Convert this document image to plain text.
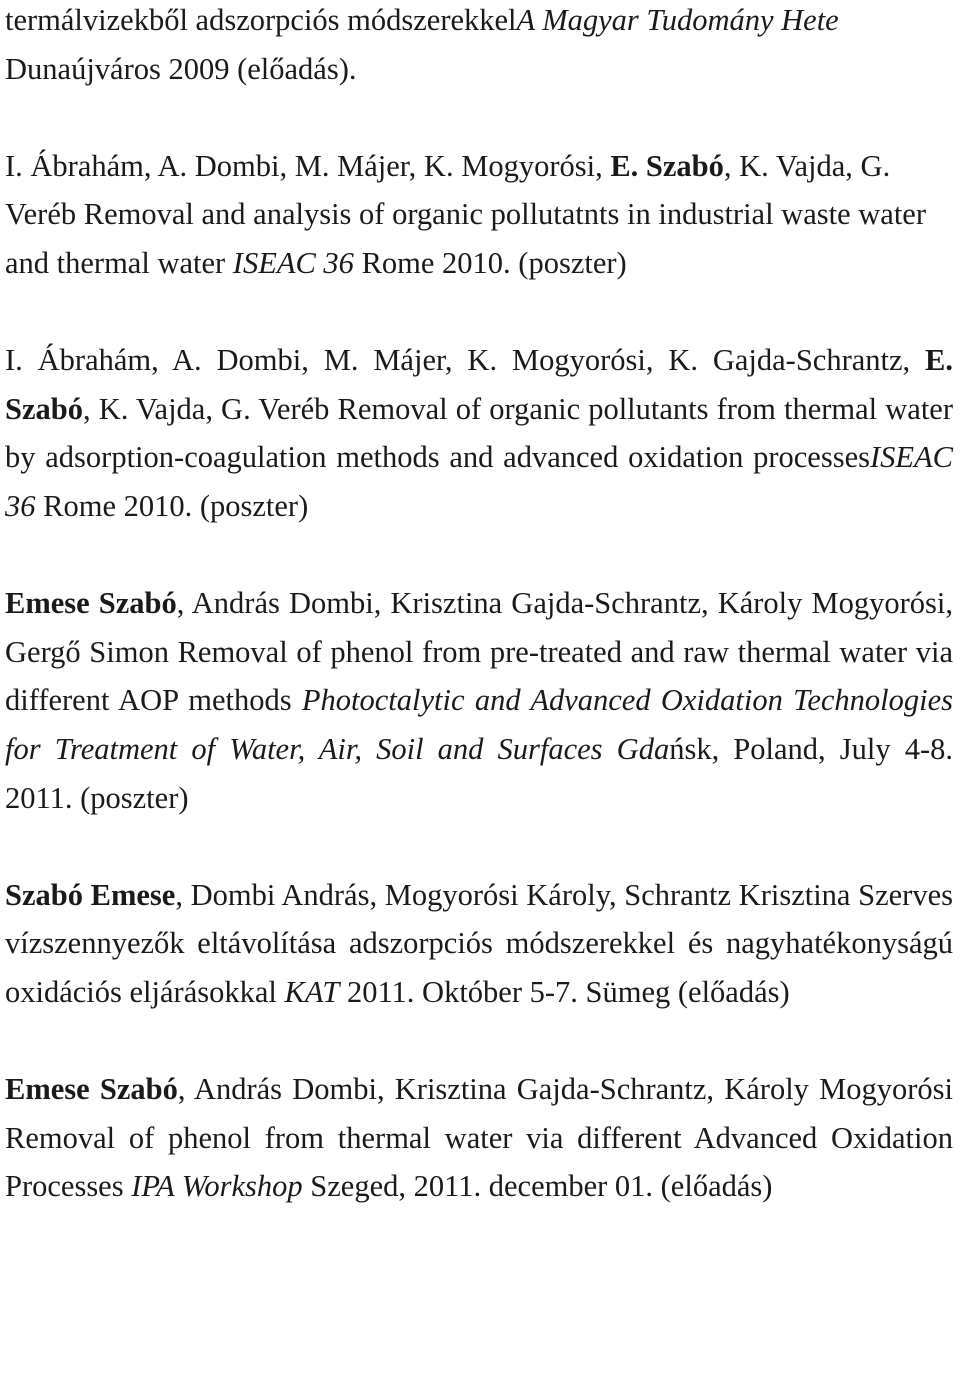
termálvizekből adszorpciós módszerekkelA Magyar Tudomány Hete Dunaújváros 2009 (előadás).

I. Ábrahám, A. Dombi, M. Májer, K. Mogyorósi, E. Szabó, K. Vajda, G. Veréb Removal and analysis of organic pollutatnts in industrial waste water and thermal water ISEAC 36 Rome 2010. (poszter)

I. Ábrahám, A. Dombi, M. Májer, K. Mogyorósi, K. Gajda-Schrantz, E. Szabó, K. Vajda, G. Veréb Removal of organic pollutants from thermal water by adsorption-coagulation methods and advanced oxidation processesISEAC 36 Rome 2010. (poszter)

Emese Szabó, András Dombi, Krisztina Gajda-Schrantz, Károly Mogyorósi, Gergő Simon Removal of phenol from pre-treated and raw thermal water via different AOP methods Photoctalytic and Advanced Oxidation Technologies for Treatment of Water, Air, Soil and Surfaces Gdańsk, Poland, July 4-8. 2011. (poszter)

Szabó Emese, Dombi András, Mogyorósi Károly, Schrantz Krisztina Szerves vízszennyezők eltávolítása adszorpciós módszerekkel és nagyhatékonyságú oxidációs eljárásokkal KAT 2011. Október 5-7. Sümeg (előadás)

Emese Szabó, András Dombi, Krisztina Gajda-Schrantz, Károly Mogyorósi Removal of phenol from thermal water via different Advanced Oxidation Processes IPA Workshop Szeged, 2011. december 01. (előadás)
